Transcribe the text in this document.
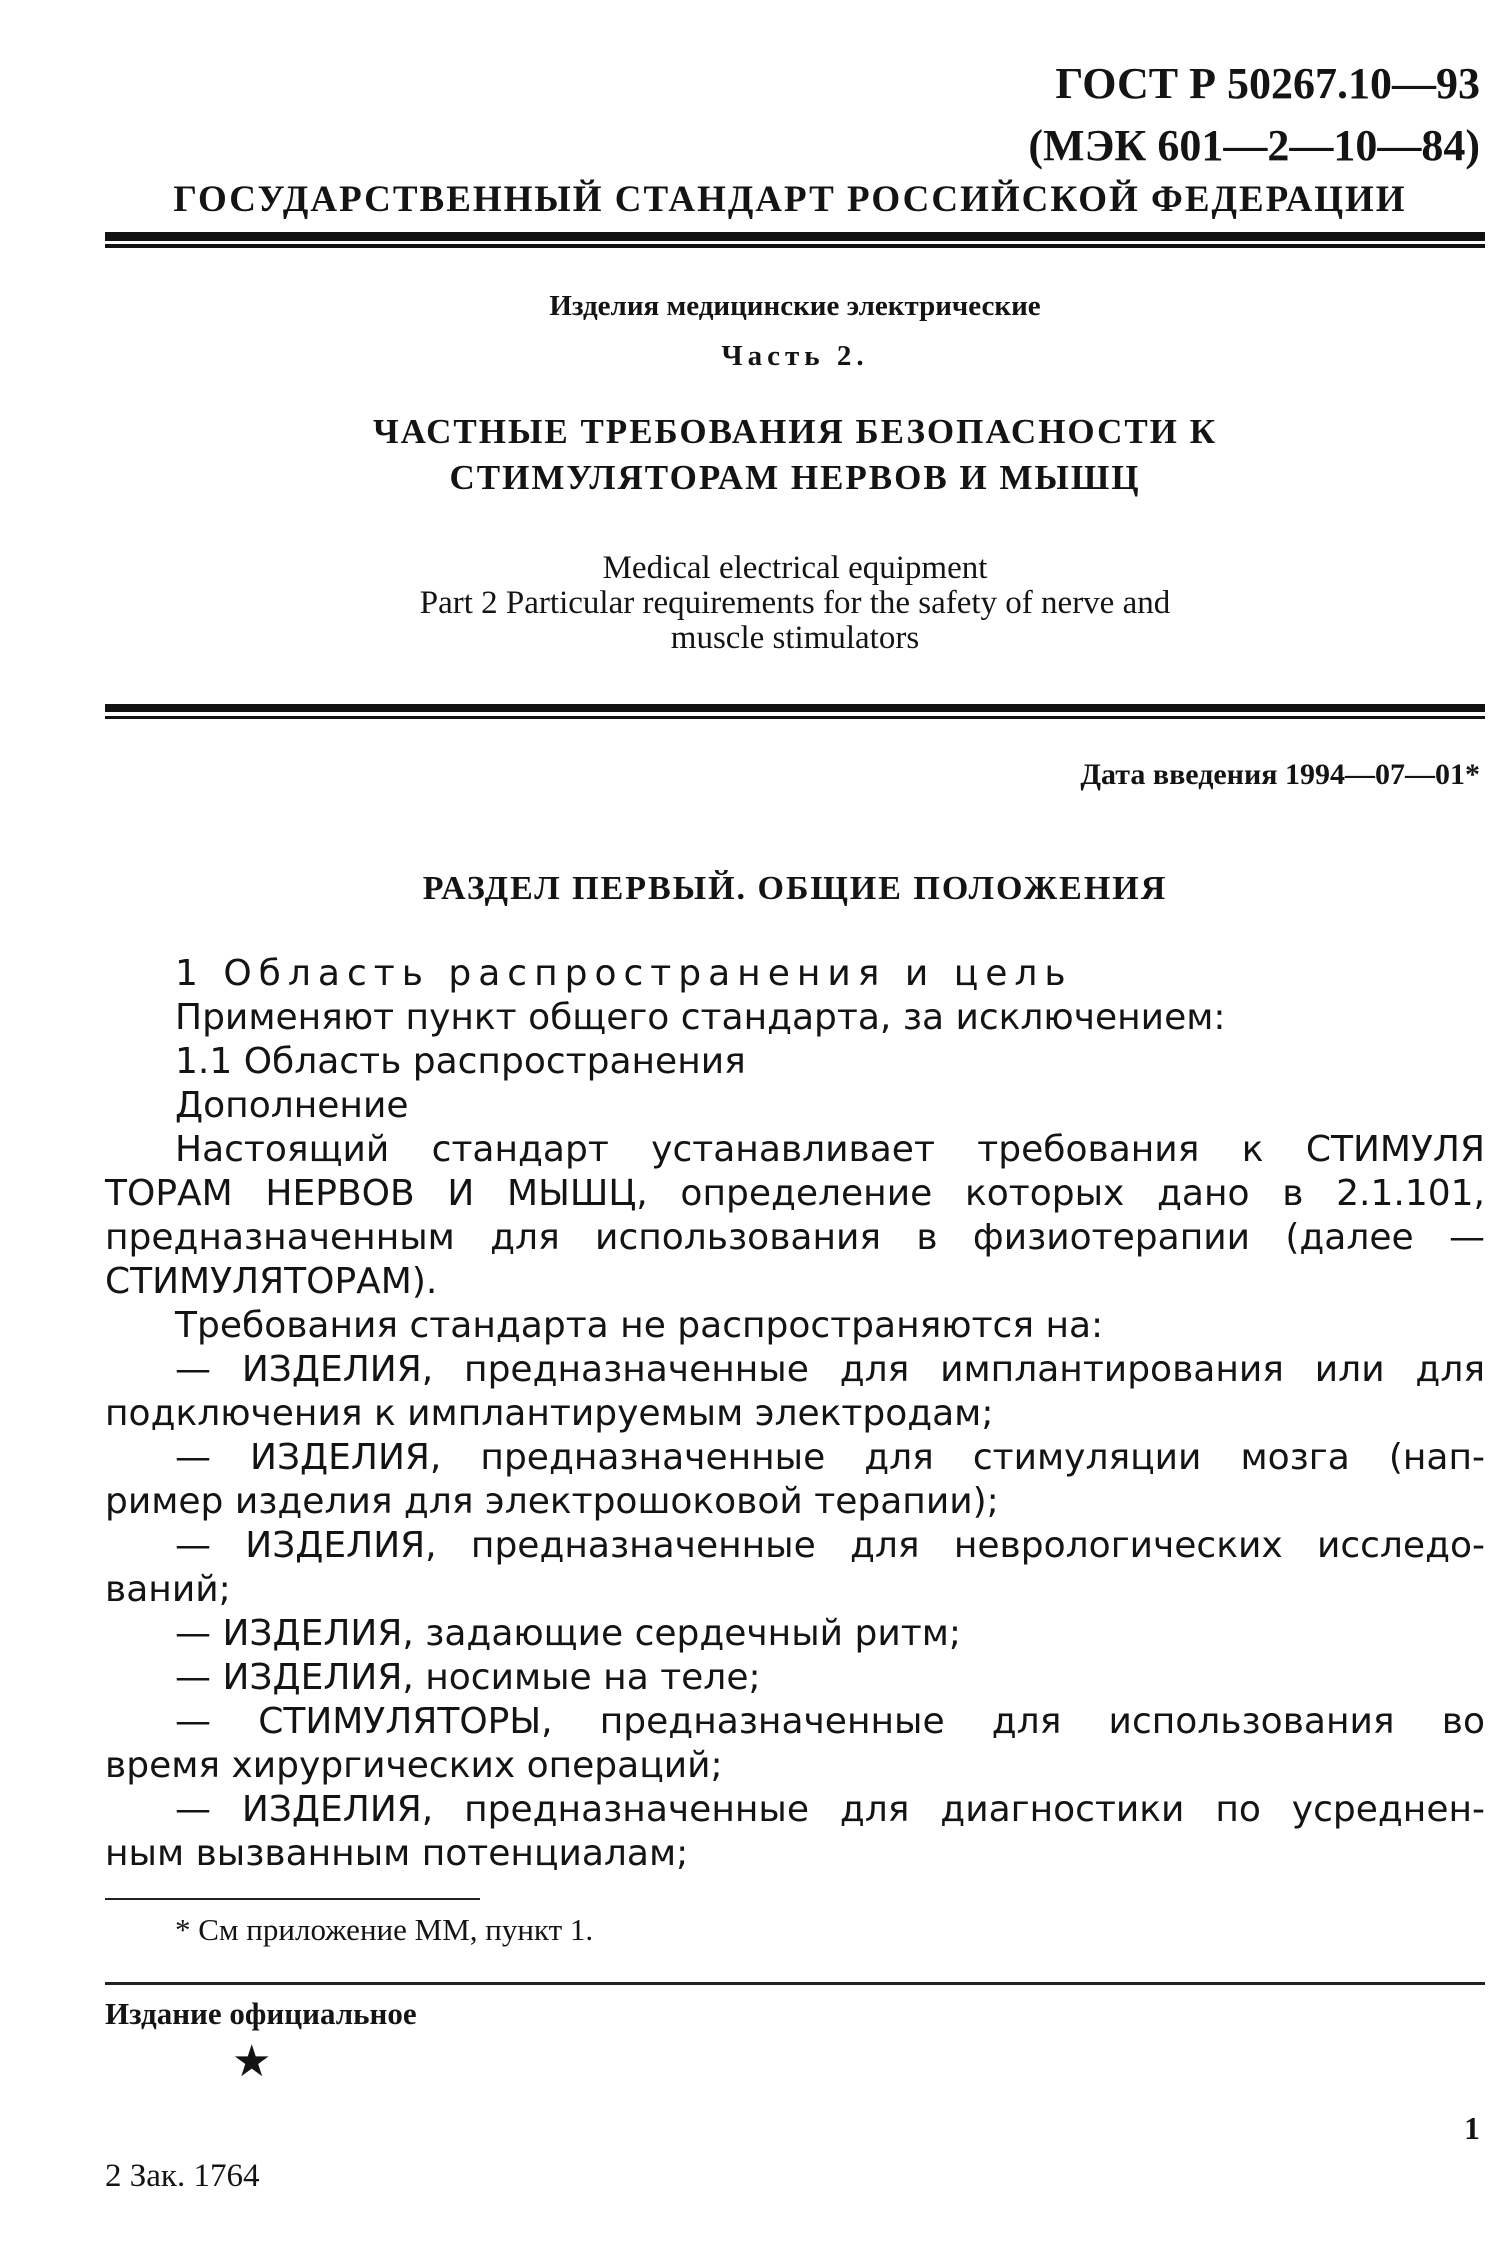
ГОСТ Р 50267.10—93
(МЭК 601—2—10—84)
ГОСУДАРСТВЕННЫЙ СТАНДАРТ РОССИЙСКОЙ ФЕДЕРАЦИИ
Изделия медицинские электрические
Часть 2.
ЧАСТНЫЕ ТРЕБОВАНИЯ БЕЗОПАСНОСТИ К
СТИМУЛЯТОРАМ НЕРВОВ И МЫШЦ
Medical electrical equipment
Part 2 Particular requirements for the safety of nerve and
muscle stimulators
Дата введения 1994—07—01*
РАЗДЕЛ ПЕРВЫЙ. ОБЩИЕ ПОЛОЖЕНИЯ
1 Область распространения и цель
Применяют пункт общего стандарта, за исключением:
1.1 Область распространения
Дополнение
Настоящий стандарт устанавливает требования к СТИМУЛЯ
ТОРАМ НЕРВОВ И МЫШЦ, определение которых дано в 2.1.101,
предназначенным для использования в физиотерапии (далее —
СТИМУЛЯТОРАМ).
Требования стандарта не распространяются на:
— ИЗДЕЛИЯ, предназначенные для имплантирования или для
подключения к имплантируемым электродам;
— ИЗДЕЛИЯ, предназначенные для стимуляции мозга (нап-
ример изделия для электрошоковой терапии);
— ИЗДЕЛИЯ, предназначенные для неврологических исследо-
ваний;
— ИЗДЕЛИЯ, задающие сердечный ритм;
— ИЗДЕЛИЯ, носимые на теле;
— СТИМУЛЯТОРЫ, предназначенные для использования во
время хирургических операций;
— ИЗДЕЛИЯ, предназначенные для диагностики по усреднен-
ным вызванным потенциалам;
* См приложение ММ, пункт 1.
Издание официальное
★
1
2 Зак. 1764
